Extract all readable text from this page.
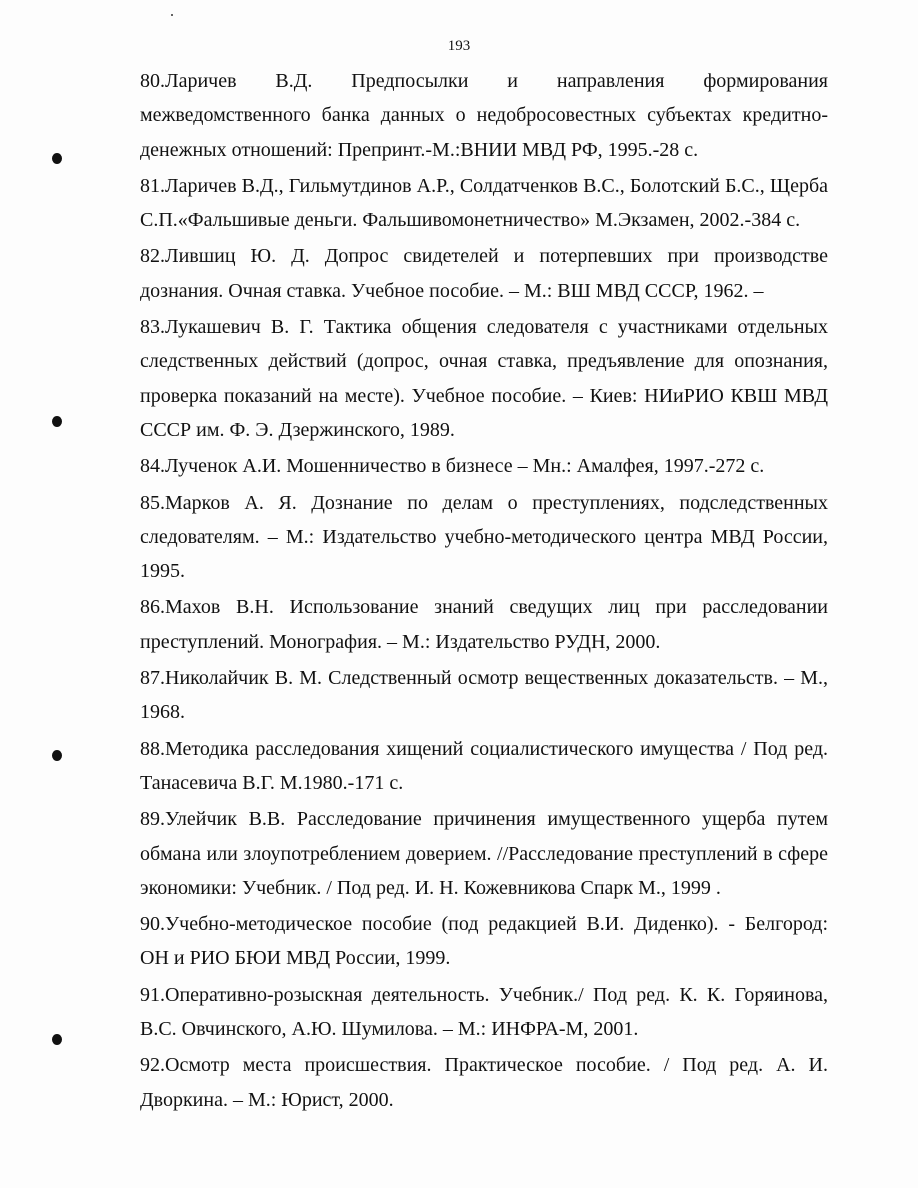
193

80.Ларичев В.Д. Предпосылки и направления формирования межведомственного банка данных о недобросовестных субъектах кредитно-денежных отношений: Препринт.-М.:ВНИИ МВД РФ, 1995.-28 с.

81.Ларичев В.Д., Гильмутдинов А.Р., Солдатченков В.С., Болотский Б.С., Щерба С.П.«Фальшивые деньги. Фальшивомонетничество» М.Экзамен, 2002.-384 с.

82.Лившиц Ю. Д. Допрос свидетелей и потерпевших при производстве дознания. Очная ставка. Учебное пособие. – М.: ВШ МВД СССР, 1962. –

83.Лукашевич В. Г. Тактика общения следователя с участниками отдельных следственных действий (допрос, очная ставка, предъявление для опознания, проверка показаний на месте). Учебное пособие. – Киев: НИиРИО КВШ МВД СССР им. Ф. Э. Дзержинского, 1989.

84.Лученок А.И. Мошенничество в бизнесе – Мн.: Амалфея, 1997.-272 с.

85.Марков А. Я. Дознание по делам о преступлениях, подследственных следователям. – М.: Издательство учебно-методического центра МВД России, 1995.

86.Махов В.Н. Использование знаний сведущих лиц при расследовании преступлений. Монография. – М.: Издательство РУДН, 2000.

87.Николайчик В. М. Следственный осмотр вещественных доказательств. – М., 1968.

88.Методика расследования хищений социалистического имущества / Под ред. Танасевича В.Г. М.1980.-171 с.

89.Улейчик В.В. Расследование причинения имущественного ущерба путем обмана или злоупотреблением доверием. //Расследование преступлений в сфере экономики: Учебник. / Под ред. И. Н. Кожевникова Спарк М., 1999 .

90.Учебно-методическое пособие (под редакцией В.И. Диденко). - Белгород: ОН и РИО БЮИ МВД России, 1999.

91.Оперативно-розыскная деятельность. Учебник./ Под ред. К. К. Горяинова, В.С. Овчинского, А.Ю. Шумилова. – М.: ИНФРА-М, 2001.

92.Осмотр места происшествия. Практическое пособие. / Под ред. А. И. Дворкина. – М.: Юрист, 2000.
